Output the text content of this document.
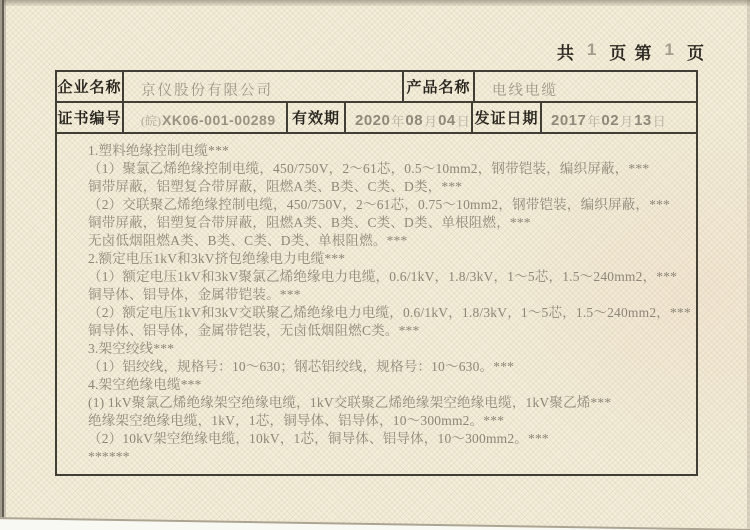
共 1 页 第 1 页
企业名称	京仪股份有限公司	产品名称	电线电缆
证书编号 (皖) XK06-001-00289 有效期	2020 年 08 月 04 日 发证日期 2017 年 02 月 13 日
1.塑料绝缘控制电缆***
（1）聚氯乙烯绝缘控制电缆，450/750V，2～61芯，0.5～10mm2，钢带铠装，编织屏蔽，***
铜带屏蔽，铝塑复合带屏蔽，阻燃A类、B类、C类、D类，***
（2）交联聚乙烯绝缘控制电缆，450/750V，2～61芯，0.75～10mm2，钢带铠装，编织屏蔽，***
铜带屏蔽，铝塑复合带屏蔽，阻燃A类、B类、C类、D类、单根阻燃，***
无卤低烟阻燃A类、B类、C类、D类、单根阻燃。***
2.额定电压1kV和3kV挤包绝缘电力电缆***
（1）额定电压1kV和3kV聚氯乙烯绝缘电力电缆，0.6/1kV，1.8/3kV，1～5芯，1.5～240mm2，***
铜导体、铝导体，金属带铠装。***
（2）额定电压1kV和3kV交联聚乙烯绝缘电力电缆，0.6/1kV，1.8/3kV，1～5芯，1.5～240mm2，***
铜导体、铝导体，金属带铠装，无卤低烟阻燃C类。***
3.架空绞线***
（1）铝绞线，规格号：10～630；钢芯铝绞线，规格号：10～630。***
4.架空绝缘电缆***
(1) 1kV聚氯乙烯绝缘架空绝缘电缆，1kV交联聚乙烯绝缘架空绝缘电缆，1kV聚乙烯***
绝缘架空绝缘电缆，1kV，1芯，铜导体、铝导体，10～300mm2。***
（2）10kV架空绝缘电缆，10kV，1芯，铜导体、铝导体，10～300mm2。***
******
